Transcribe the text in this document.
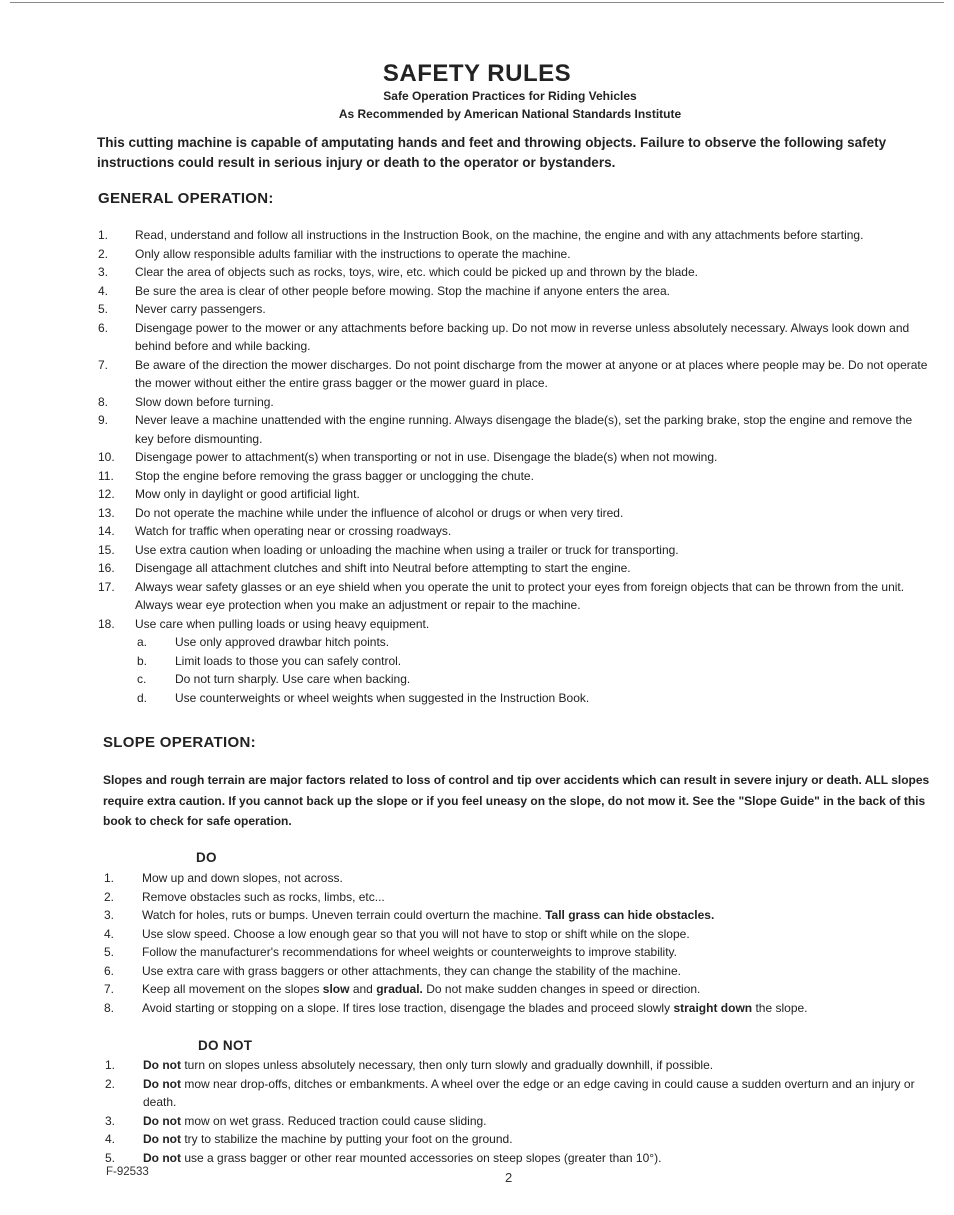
SAFETY RULES
Safe Operation Practices for Riding Vehicles
As Recommended by American National Standards Institute
This cutting machine is capable of amputating hands and feet and throwing objects. Failure to observe the following safety instructions could result in serious injury or death to the operator or bystanders.
GENERAL OPERATION:
1. Read, understand and follow all instructions in the Instruction Book, on the machine, the engine and with any attachments before starting.
2. Only allow responsible adults familiar with the instructions to operate the machine.
3. Clear the area of objects such as rocks, toys, wire, etc. which could be picked up and thrown by the blade.
4. Be sure the area is clear of other people before mowing. Stop the machine if anyone enters the area.
5. Never carry passengers.
6. Disengage power to the mower or any attachments before backing up. Do not mow in reverse unless absolutely necessary. Always look down and behind before and while backing.
7. Be aware of the direction the mower discharges. Do not point discharge from the mower at anyone or at places where people may be. Do not operate the mower without either the entire grass bagger or the mower guard in place.
8. Slow down before turning.
9. Never leave a machine unattended with the engine running. Always disengage the blade(s), set the parking brake, stop the engine and remove the key before dismounting.
10. Disengage power to attachment(s) when transporting or not in use. Disengage the blade(s) when not mowing.
11. Stop the engine before removing the grass bagger or unclogging the chute.
12. Mow only in daylight or good artificial light.
13. Do not operate the machine while under the influence of alcohol or drugs or when very tired.
14. Watch for traffic when operating near or crossing roadways.
15. Use extra caution when loading or unloading the machine when using a trailer or truck for transporting.
16. Disengage all attachment clutches and shift into Neutral before attempting to start the engine.
17. Always wear safety glasses or an eye shield when you operate the unit to protect your eyes from foreign objects that can be thrown from the unit. Always wear eye protection when you make an adjustment or repair to the machine.
18. Use care when pulling loads or using heavy equipment.
a. Use only approved drawbar hitch points.
b. Limit loads to those you can safely control.
c. Do not turn sharply. Use care when backing.
d. Use counterweights or wheel weights when suggested in the Instruction Book.
SLOPE OPERATION:
Slopes and rough terrain are major factors related to loss of control and tip over accidents which can result in severe injury or death. ALL slopes require extra caution. If you cannot back up the slope or if you feel uneasy on the slope, do not mow it. See the "Slope Guide" in the back of this book to check for safe operation.
DO
1. Mow up and down slopes, not across.
2. Remove obstacles such as rocks, limbs, etc...
3. Watch for holes, ruts or bumps. Uneven terrain could overturn the machine. Tall grass can hide obstacles.
4. Use slow speed. Choose a low enough gear so that you will not have to stop or shift while on the slope.
5. Follow the manufacturer's recommendations for wheel weights or counterweights to improve stability.
6. Use extra care with grass baggers or other attachments, they can change the stability of the machine.
7. Keep all movement on the slopes slow and gradual. Do not make sudden changes in speed or direction.
8. Avoid starting or stopping on a slope. If tires lose traction, disengage the blades and proceed slowly straight down the slope.
DO NOT
1. Do not turn on slopes unless absolutely necessary, then only turn slowly and gradually downhill, if possible.
2. Do not mow near drop-offs, ditches or embankments. A wheel over the edge or an edge caving in could cause a sudden overturn and an injury or death.
3. Do not mow on wet grass. Reduced traction could cause sliding.
4. Do not try to stabilize the machine by putting your foot on the ground.
5. Do not use a grass bagger or other rear mounted accessories on steep slopes (greater than 10°).
F-92533	2
